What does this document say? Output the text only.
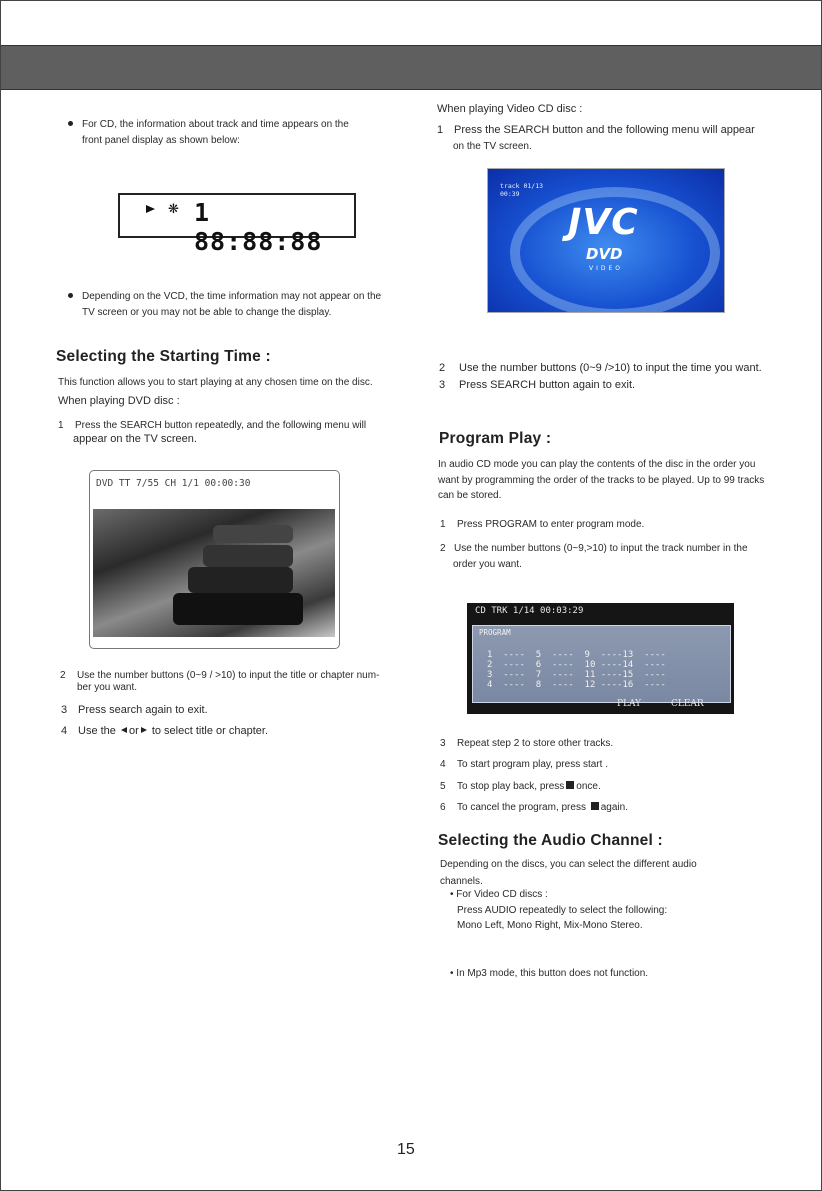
For CD, the information about track and time appears on the
front panel display as shown below:
❋ 1 88:88:88
Depending on the VCD, the time information may not appear on the
TV screen or you may not be able to change the display.
Selecting the Starting Time :
This function allows you to start playing at any chosen time on the disc.
When playing DVD disc :
1 Press the SEARCH button repeatedly, and the following menu will
appear on the TV screen.
DVD TT 7/55 CH 1/1 00:00:30
2 Use the number buttons (0~9 / >10) to input the title or chapter num-
ber you want.
3 Press search again to exit.
4 Use the or to select title or chapter.
When playing Video CD disc :
1 Press the SEARCH button and the following menu will appear
on the TV screen.
track 01/13
00:39
JVC
DVD
VIDEO
2 Use the number buttons (0~9 />10) to input the time you want.
3 Press SEARCH button again to exit.
Program Play :
In audio CD mode you can play the contents of the disc in the order you
want by programming the order of the tracks to be played. Up to 99 tracks
can be stored.
1 Press PROGRAM to enter program mode.
2 Use the number buttons (0~9,>10) to input the track number in the
order you want.
CD TRK 1/14 00:03:29
PROGRAM
1  ----  5  ----  9  ----13  ----
2  ----  6  ----  10 ----14  ----
3  ----  7  ----  11 ----15  ----
4  ----  8  ----  12 ----16  ----
PLAY	CLEAR
3 Repeat step 2 to store other tracks.
4 To start program play, press start .
5 To stop play back, press once.
6 To cancel the program, press again.
Selecting the Audio Channel :
Depending on the discs, you can select the different audio
channels.
• For Video CD discs :
Press AUDIO repeatedly to select the following:
Mono Left, Mono Right, Mix-Mono Stereo.
• In Mp3 mode, this button does not function.
15
